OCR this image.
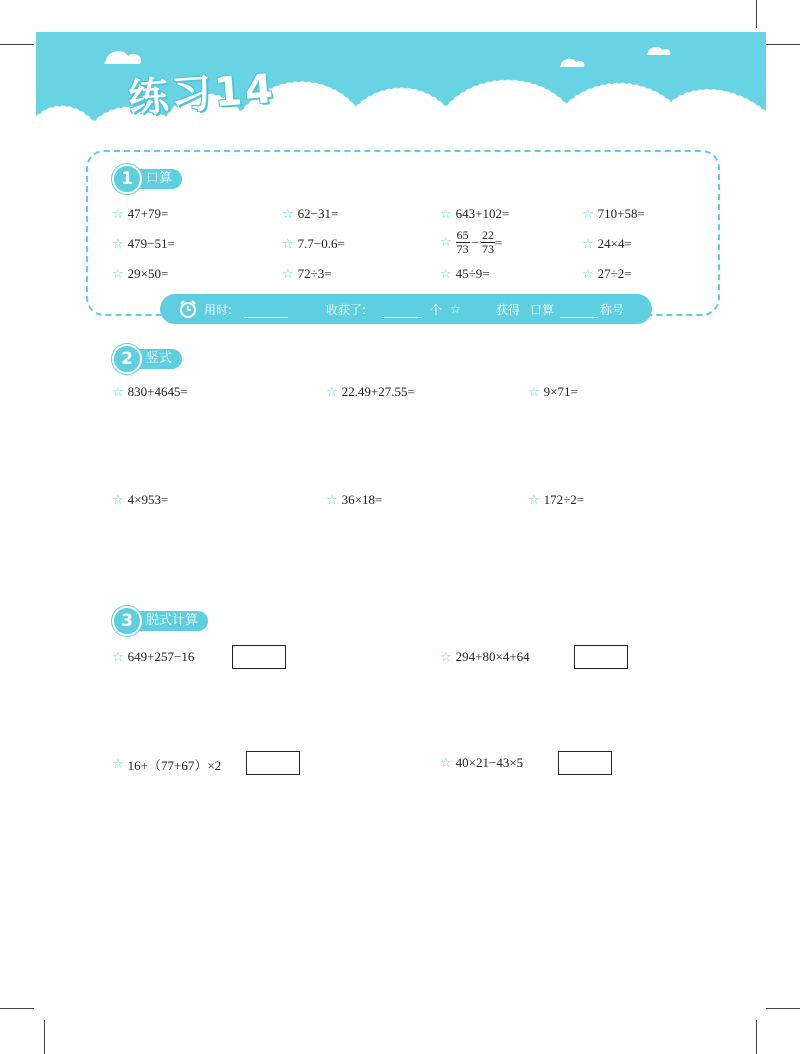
练习14
1	口算
☆ 47+79=	☆ 62−31=	☆ 643+102=	☆ 710+58=
☆ 479−51=	☆ 7.7−0.6=	☆ $\frac{65}{73} - \frac{22}{73}$ =	☆ 24×4=
☆ 29×50=	☆ 72÷3=	☆ 45÷9=	☆ 27÷2=
用时:	收获了:	个 ☆	获得 口算	称号
2	竖式
☆ 830+4645=	☆ 22.49+27.55=	☆ 9×71=
☆ 4×953=	☆ 36×18=	☆ 172÷2=
3	脱式计算
☆ 649+257−16	☆ 294+80×4+64
☆ 16+（77+67）×2	☆ 40×21−43×5
